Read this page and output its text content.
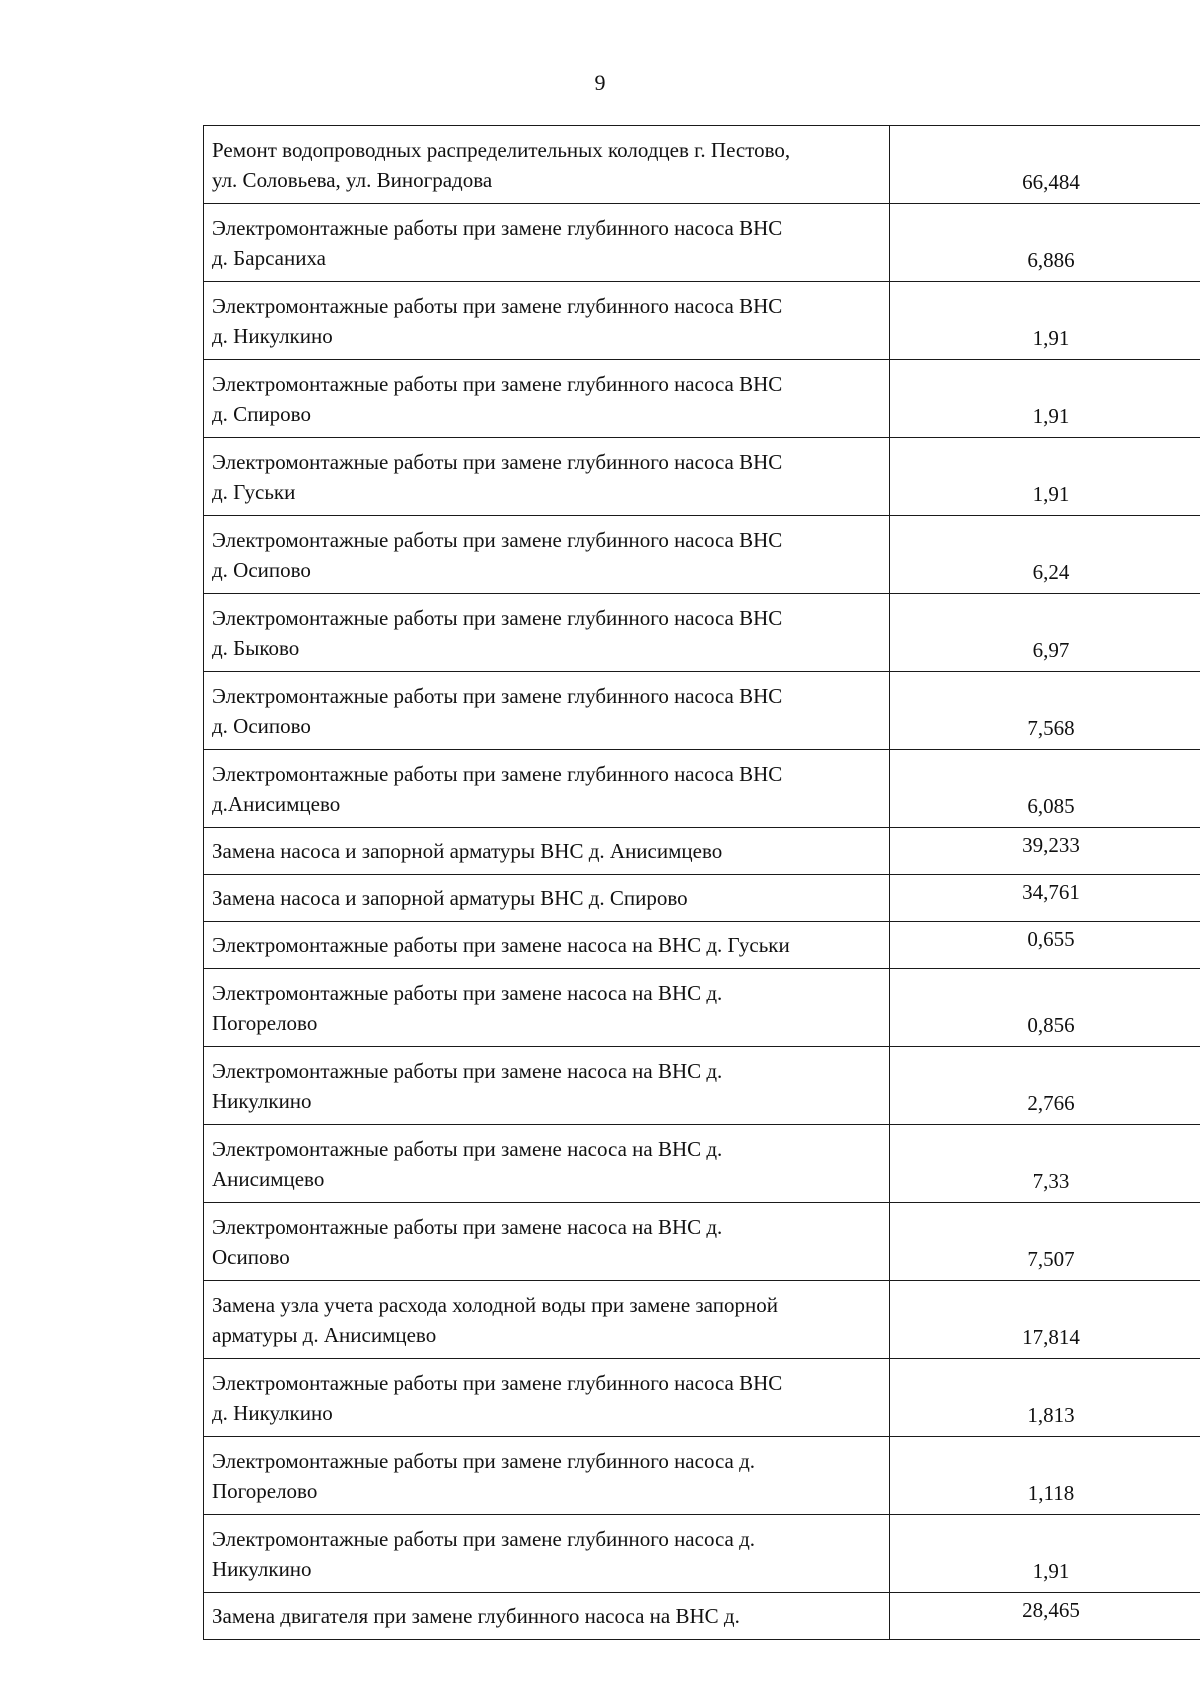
9
Ремонт водопроводных распределительных колодцев г. Пестово,
ул. Соловьева, ул. Виноградова	66,484

Электромонтажные работы при замене глубинного насоса ВНС
д. Барсаниха	6,886

Электромонтажные работы при замене глубинного насоса ВНС
д. Никулкино	1,91

Электромонтажные работы при замене глубинного насоса ВНС
д. Спирово	1,91

Электромонтажные работы при замене глубинного насоса ВНС
д. Гуськи	1,91

Электромонтажные работы при замене глубинного насоса ВНС
д. Осипово	6,24

Электромонтажные работы при замене глубинного насоса ВНС
д. Быково	6,97

Электромонтажные работы при замене глубинного насоса ВНС
д. Осипово	7,568

Электромонтажные работы при замене глубинного насоса ВНС
д.Анисимцево	6,085

Замена насоса и запорной арматуры ВНС д. Анисимцево	39,233

Замена насоса и запорной арматуры ВНС д. Спирово	34,761

Электромонтажные работы при замене насоса на ВНС д. Гуськи	0,655

Электромонтажные работы при замене насоса на ВНС д.
Погорелово	0,856

Электромонтажные работы при замене насоса на ВНС д.
Никулкино	2,766

Электромонтажные работы при замене насоса на ВНС д.
Анисимцево	7,33

Электромонтажные работы при замене насоса на ВНС д.
Осипово	7,507

Замена узла учета расхода холодной воды при замене запорной
арматуры д. Анисимцево	17,814

Электромонтажные работы при замене глубинного насоса ВНС
д. Никулкино	1,813

Электромонтажные работы при замене глубинного насоса д.
Погорелово	1,118

Электромонтажные работы при замене глубинного насоса д.
Никулкино	1,91

Замена двигателя при замене глубинного насоса на ВНС д.	28,465
